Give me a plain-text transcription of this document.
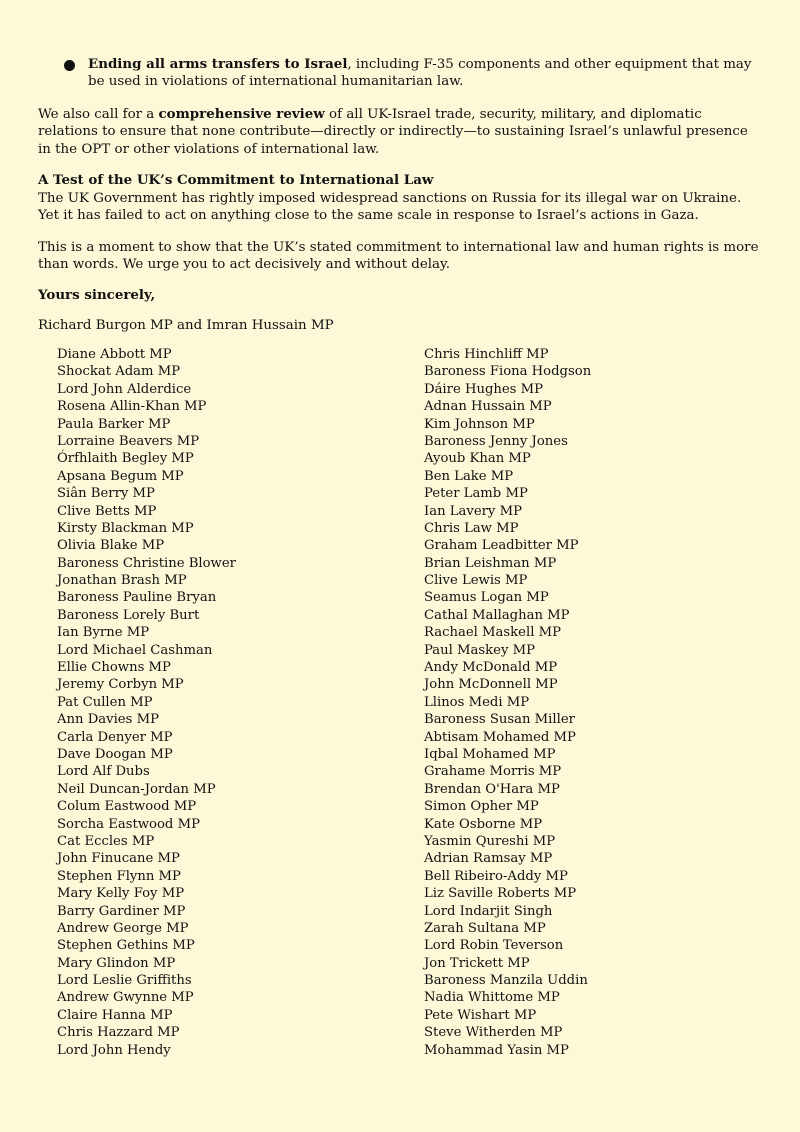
Ending all arms transfers to Israel, including F-35 components and other equipment that may be used in violations of international humanitarian law.

We also call for a comprehensive review of all UK-Israel trade, security, military, and diplomatic relations to ensure that none contribute—directly or indirectly—to sustaining Israel’s unlawful presence in the OPT or other violations of international law.

A Test of the UK’s Commitment to International Law

The UK Government has rightly imposed widespread sanctions on Russia for its illegal war on Ukraine. Yet it has failed to act on anything close to the same scale in response to Israel’s actions in Gaza.

This is a moment to show that the UK’s stated commitment to international law and human rights is more than words. We urge you to act decisively and without delay.

Yours sincerely,

Richard Burgon MP and Imran Hussain MP

Diane Abbott MP
Shockat Adam MP
Lord John Alderdice
Rosena Allin-Khan MP
Paula Barker MP
Lorraine Beavers MP
Órfhlaith Begley MP
Apsana Begum MP
Siân Berry MP
Clive Betts MP
Kirsty Blackman MP
Olivia Blake MP
Baroness Christine Blower
Jonathan Brash MP
Baroness Pauline Bryan
Baroness Lorely Burt
Ian Byrne MP
Lord Michael Cashman
Ellie Chowns MP
Jeremy Corbyn MP
Pat Cullen MP
Ann Davies MP
Carla Denyer MP
Dave Doogan MP
Lord Alf Dubs
Neil Duncan-Jordan MP
Colum Eastwood MP
Sorcha Eastwood MP
Cat Eccles MP
John Finucane MP
Stephen Flynn MP
Mary Kelly Foy MP
Barry Gardiner MP
Andrew George MP
Stephen Gethins MP
Mary Glindon MP
Lord Leslie Griffiths
Andrew Gwynne MP
Claire Hanna MP
Chris Hazzard MP
Lord John Hendy
Chris Hinchliff MP
Baroness Fiona Hodgson
Dáire Hughes MP
Adnan Hussain MP
Kim Johnson MP
Baroness Jenny Jones
Ayoub Khan MP
Ben Lake MP
Peter Lamb MP
Ian Lavery MP
Chris Law MP
Graham Leadbitter MP
Brian Leishman MP
Clive Lewis MP
Seamus Logan MP
Cathal Mallaghan MP
Rachael Maskell MP
Paul Maskey MP
Andy McDonald MP
John McDonnell MP
Llinos Medi MP
Baroness Susan Miller
Abtisam Mohamed MP
Iqbal Mohamed MP
Grahame Morris MP
Brendan O'Hara MP
Simon Opher MP
Kate Osborne MP
Yasmin Qureshi MP
Adrian Ramsay MP
Bell Ribeiro-Addy MP
Liz Saville Roberts MP
Lord Indarjit Singh
Zarah Sultana MP
Lord Robin Teverson
Jon Trickett MP
Baroness Manzila Uddin
Nadia Whittome MP
Pete Wishart MP
Steve Witherden MP
Mohammad Yasin MP
